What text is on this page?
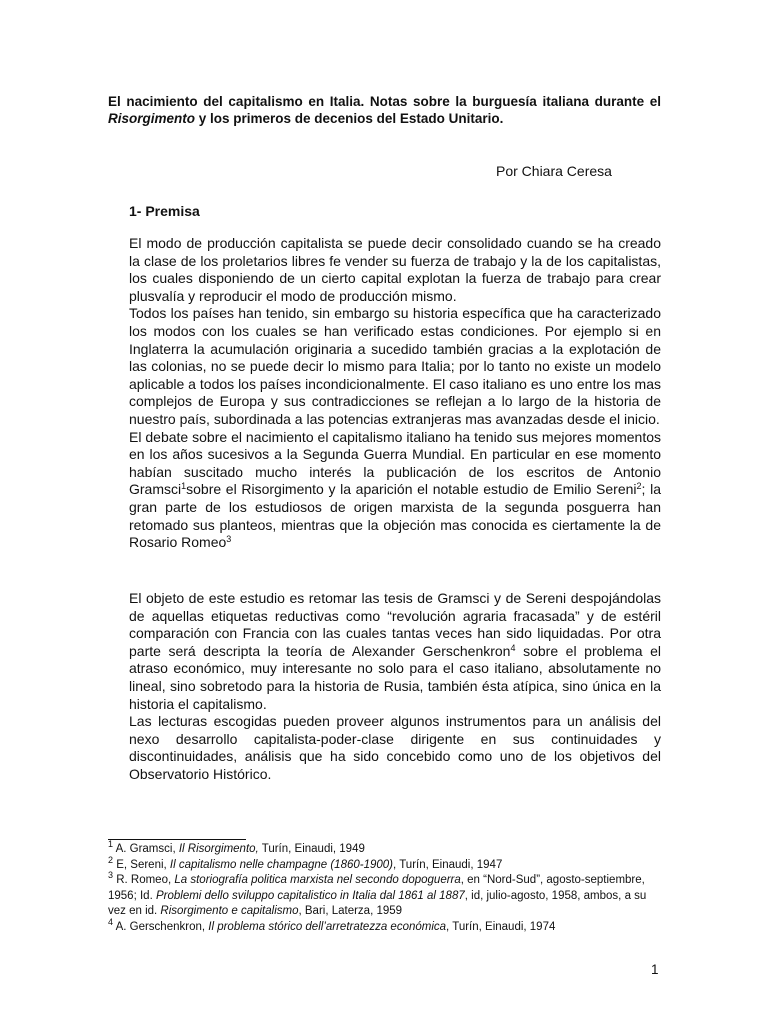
El nacimiento del capitalismo en Italia. Notas sobre la burguesía italiana durante el Risorgimento y los primeros de decenios del Estado Unitario.
Por Chiara Ceresa
1- Premisa

El modo de producción capitalista se puede decir consolidado cuando se ha creado la clase de los proletarios libres fe vender su fuerza de trabajo y la de los capitalistas, los cuales disponiendo de un cierto capital explotan la fuerza de trabajo para crear plusvalía y reproducir el modo de producción mismo.

Todos los países han tenido, sin embargo su historia específica que ha caracterizado los modos con los cuales se han verificado estas condiciones. Por ejemplo si en Inglaterra la acumulación originaria a sucedido también gracias a la explotación de las colonias, no se puede decir lo mismo para Italia; por lo tanto no existe un modelo aplicable a todos los países incondicionalmente. El caso italiano es uno entre los mas complejos de Europa y sus contradicciones se reflejan a lo largo de la historia de nuestro país, subordinada a las potencias extranjeras mas avanzadas desde el inicio.

El debate sobre el nacimiento el capitalismo italiano ha tenido sus mejores momentos en los años sucesivos a la Segunda Guerra Mundial. En particular en ese momento habían suscitado mucho interés la publicación de los escritos de Antonio Gramsci$^1$sobre el Risorgimento y la aparición el notable estudio de Emilio Sereni$^2$; la gran parte de los estudiosos de origen marxista de la segunda posguerra han retomado sus planteos, mientras que la objeción mas conocida es ciertamente la de Rosario Romeo$^3$

El objeto de este estudio es retomar las tesis de Gramsci y de Sereni despojándolas de aquellas etiquetas reductivas como “revolución agraria fracasada” y de estéril comparación con Francia con las cuales tantas veces han sido liquidadas. Por otra parte será descripta la teoría de Alexander Gerschenkron$^4$ sobre el problema el atraso económico, muy interesante no solo para el caso italiano, absolutamente no lineal, sino sobretodo para la historia de Rusia, también ésta atípica, sino única en la historia el capitalismo.

Las lecturas escogidas pueden proveer algunos instrumentos para un análisis del nexo desarrollo capitalista-poder-clase dirigente en sus continuidades y discontinuidades, análisis que ha sido concebido como uno de los objetivos del Observatorio Histórico.

$^1$ A. Gramsci, Il Risorgimento, Turín, Einaudi, 1949
$^2$ E, Sereni, Il capitalismo nelle champagne (1860-1900), Turín, Einaudi, 1947
$^3$ R. Romeo, La storiografía politica marxista nel secondo dopoguerra, en “Nord-Sud”, agosto-septiembre, 1956; Id. Problemi dello sviluppo capitalistico in Italia dal 1861 al 1887, id, julio-agosto, 1958, ambos, a su vez en id. Risorgimento e capitalismo, Bari, Laterza, 1959
$^4$ A. Gerschenkron, Il problema stórico dell’arretratezza económica, Turín, Einaudi, 1974
1
